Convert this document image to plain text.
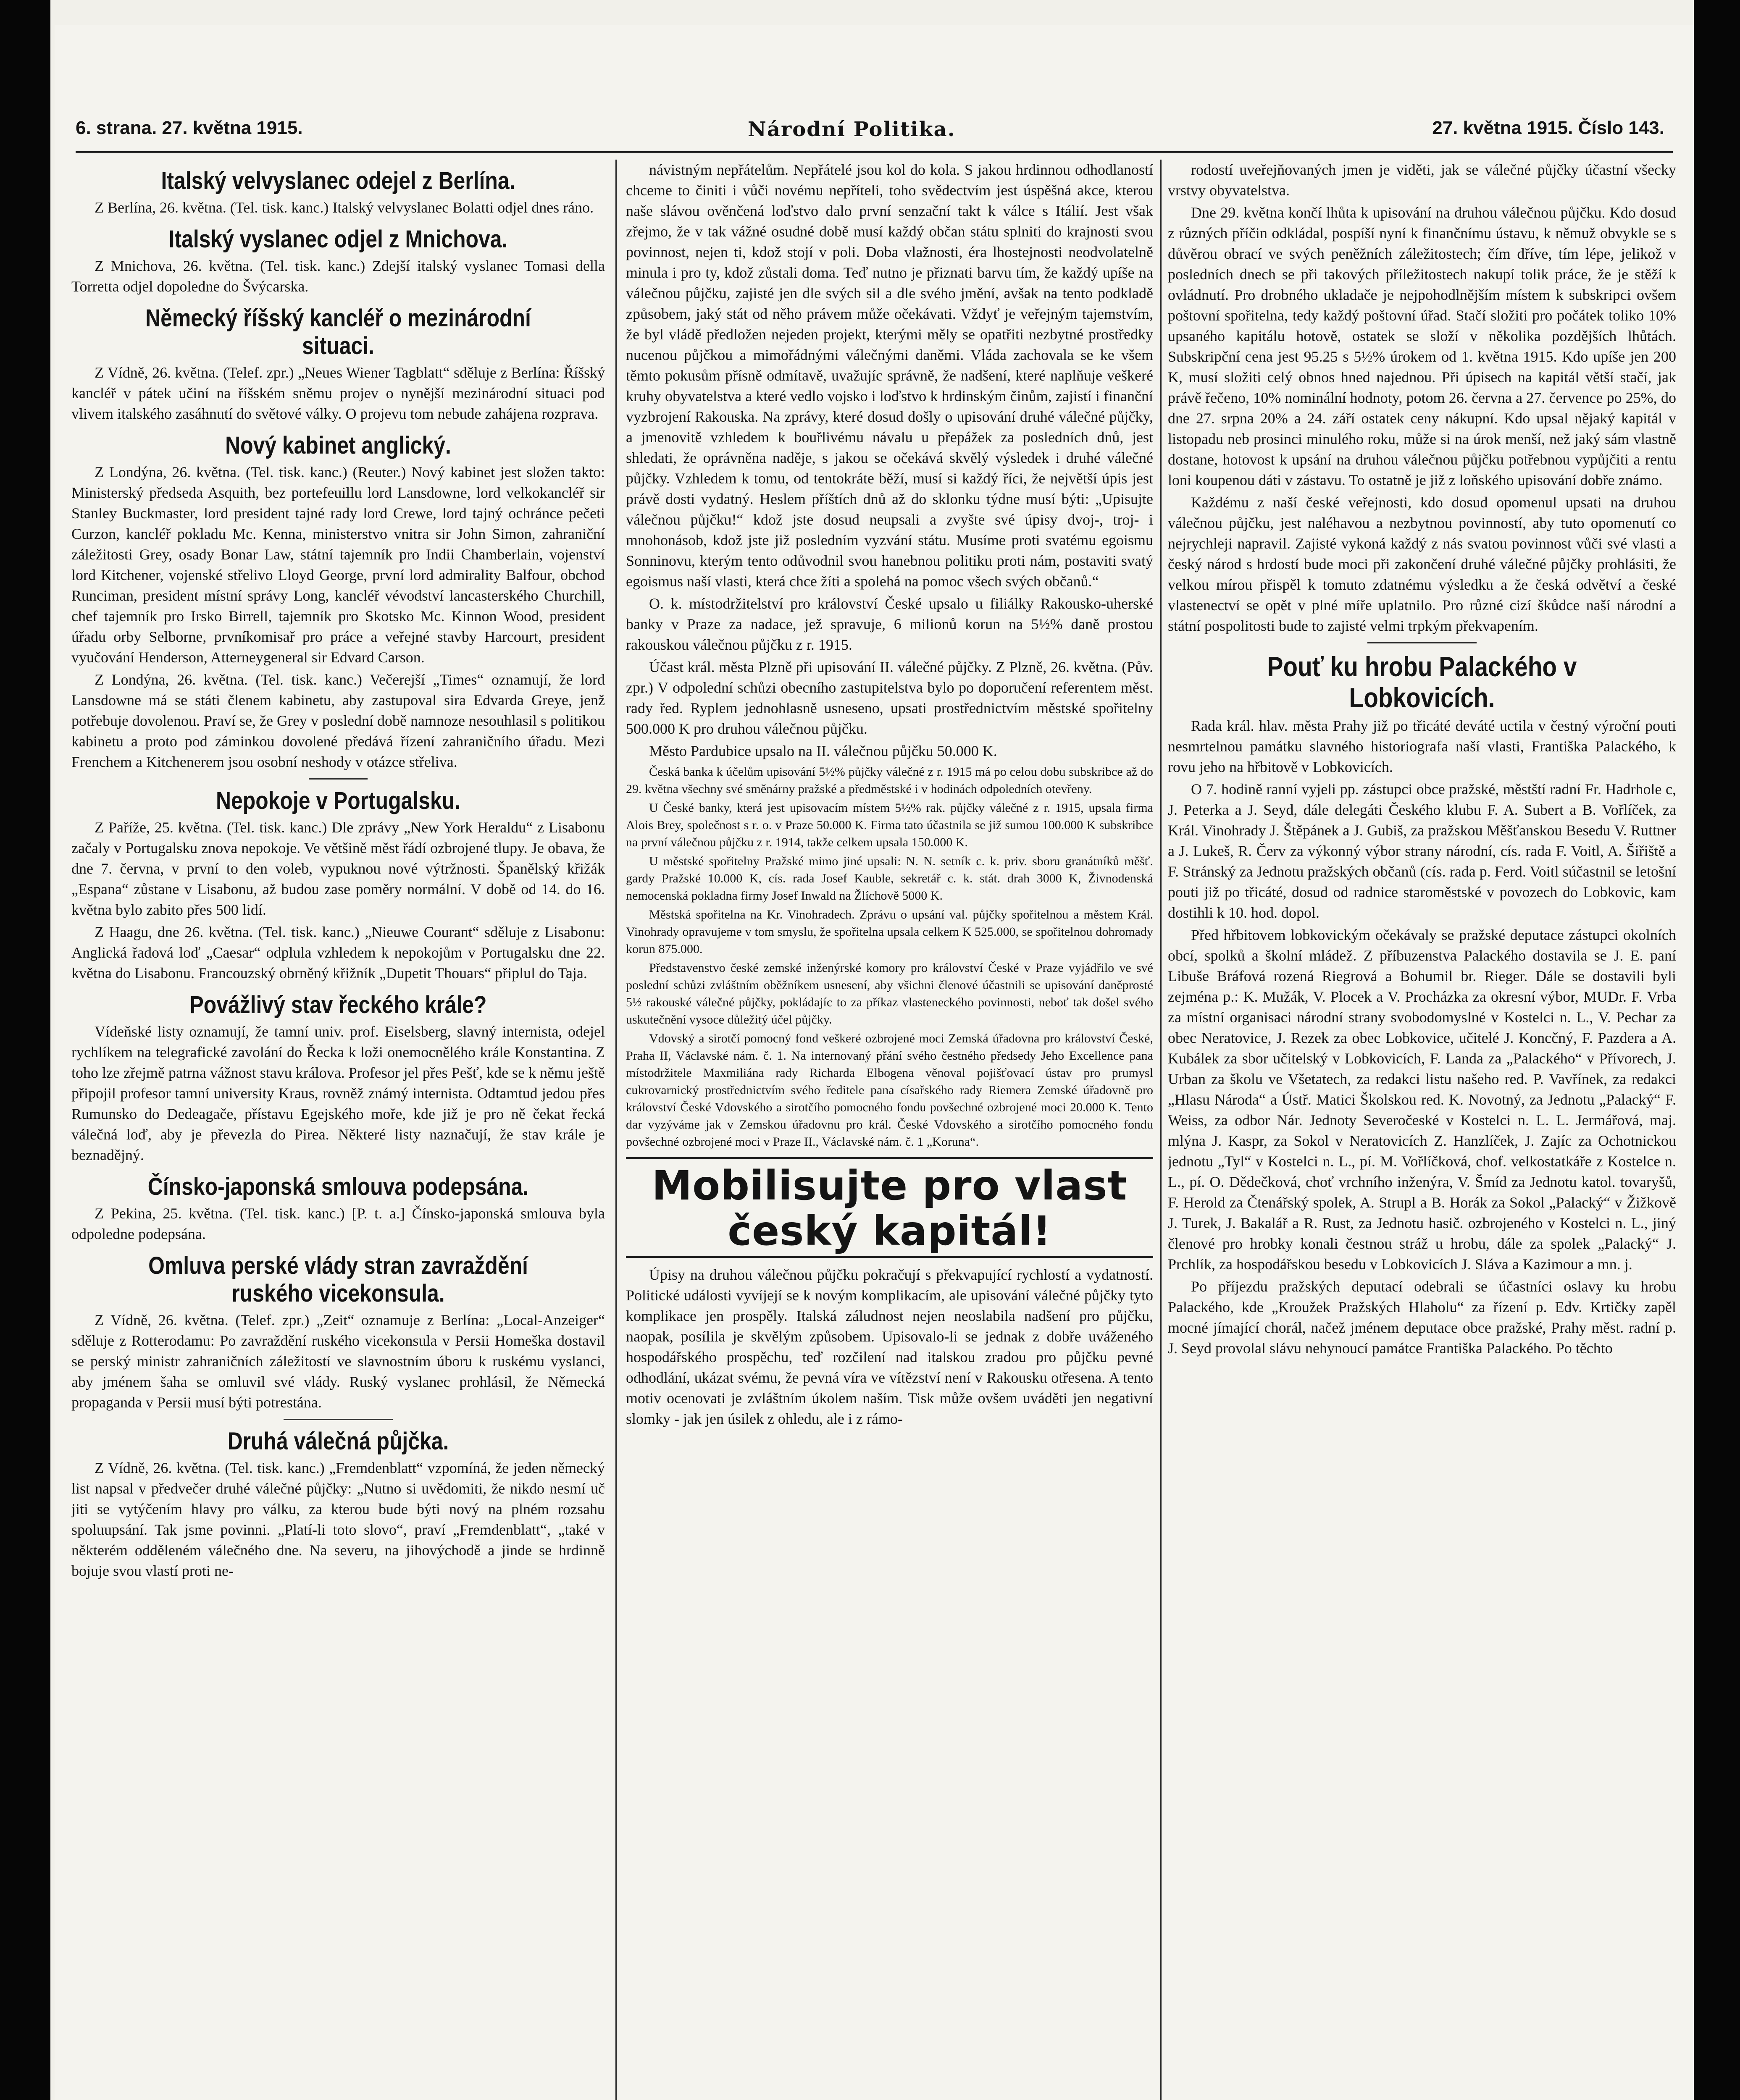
6. strana. 27. května 1915.	Národní Politika.	27. května 1915. Číslo 143.
Italský velvyslanec odejel z Berlína.

Z Berlína, 26. května. (Tel. tisk. kanc.) Italský velvyslanec Bolatti odjel dnes ráno.

Italský vyslanec odjel z Mnichova.

Z Mnichova, 26. května. (Tel. tisk. kanc.) Zdejší italský vyslanec Tomasi della Torretta odjel dopoledne do Švýcarska.

Německý říšský kancléř o mezinárodní situaci.

Z Vídně, 26. května. (Telef. zpr.) „Neues Wiener Tagblatt“ sděluje z Berlína: Říšský kancléř v pátek učiní na říšském sněmu projev o nynější mezinárodní situaci pod vlivem italského zasáhnutí do světové války. O projevu tom nebude zahájena rozprava.

Nový kabinet anglický.

Z Londýna, 26. května. (Tel. tisk. kanc.) (Reuter.) Nový kabinet jest složen takto: Ministerský předseda Asquith, bez portefeuillu lord Lansdowne, lord velkokancléř sir Stanley Buckmaster, lord president tajné rady lord Crewe, lord tajný ochránce pečeti Curzon, kancléř pokladu Mc. Kenna, ministerstvo vnitra sir John Simon, zahraniční záležitosti Grey, osady Bonar Law, státní tajemník pro Indii Chamberlain, vojenství lord Kitchener, vojenské střelivo Lloyd George, první lord admirality Balfour, obchod Runciman, president místní správy Long, kancléř vévodství lancasterského Churchill, chef tajemník pro Irsko Birrell, tajemník pro Skotsko Mc. Kinnon Wood, president úřadu orby Selborne, prvníkomisař pro práce a veřejné stavby Harcourt, president vyučování Henderson, Atterneygeneral sir Edvard Carson.

Z Londýna, 26. května. (Tel. tisk. kanc.) Večerejší „Times“ oznamují, že lord Lansdowne má se státi členem kabinetu, aby zastupoval sira Edvarda Greye, jenž potřebuje dovolenou. Praví se, že Grey v poslední době namnoze nesouhlasil s politikou kabinetu a proto pod záminkou dovolené předává řízení zahraničního úřadu. Mezi Frenchem a Kitchenerem jsou osobní neshody v otázce střeliva.

Nepokoje v Portugalsku.

Z Paříže, 25. května. (Tel. tisk. kanc.) Dle zprávy „New York Heraldu“ z Lisabonu začaly v Portugalsku znova nepokoje. Ve většině měst řádí ozbrojené tlupy. Je obava, že dne 7. června, v první to den voleb, vypuknou nové výtržnosti. Španělský křižák „Espana“ zůstane v Lisabonu, až budou zase poměry normální. V době od 14. do 16. května bylo zabito přes 500 lidí.

Z Haagu, dne 26. května. (Tel. tisk. kanc.) „Nieuwe Courant“ sděluje z Lisabonu: Anglická řadová loď „Caesar“ odplula vzhledem k nepokojům v Portugalsku dne 22. května do Lisabonu. Francouzský obrněný křižník „Dupetit Thouars“ připlul do Taja.

Povážlivý stav řeckého krále?

Vídeňské listy oznamují, že tamní univ. prof. Eiselsberg, slavný internista, odejel rychlíkem na telegrafické zavolání do Řecka k loži onemocnělého krále Konstantina. Z toho lze zřejmě patrna vážnost stavu králova. Profesor jel přes Pešť, kde se k němu ještě připojil profesor tamní university Kraus, rovněž známý internista. Odtamtud jedou přes Rumunsko do Dedeagače, přístavu Egejského moře, kde již je pro ně čekat řecká válečná loď, aby je převezla do Pirea. Některé listy naznačují, že stav krále je beznadějný.

Čínsko-japonská smlouva podepsána.

Z Pekina, 25. května. (Tel. tisk. kanc.) [P. t. a.] Čínsko-japonská smlouva byla odpoledne podepsána.

Omluva perské vlády stran zavraždění ruského vicekonsula.

Z Vídně, 26. května. (Telef. zpr.) „Zeit“ oznamuje z Berlína: „Local-Anzeiger“ sděluje z Rotterodamu: Po zavraždění ruského vicekonsula v Persii Homeška dostavil se perský ministr zahraničních záležitostí ve slavnostním úboru k ruskému vyslanci, aby jménem šaha se omluvil své vlády. Ruský vyslanec prohlásil, že Německá propaganda v Persii musí býti potrestána.

Druhá válečná půjčka.

Z Vídně, 26. května. (Tel. tisk. kanc.) „Fremdenblatt“ vzpomíná, že jeden německý list napsal v předvečer druhé válečné půjčky: „Nutno si uvědomiti, že nikdo nesmí uč jiti se vytýčením hlavy pro válku, za kterou bude býti nový na plném rozsahu spoluupsání. Tak jsme povinni. „Platí-li toto slovo“, praví „Fremdenblatt“, „také v některém odděleném válečného dne. Na severu, na jihovýchodě a jinde se hrdinně bojuje svou vlastí proti ne-

návistným nepřátelům. Nepřátelé jsou kol do kola. S jakou hrdinnou odhodlaností chceme to činiti i vůči novému nepříteli, toho svědectvím jest úspěšná akce, kterou naše slávou ověnčená loďstvo dalo první senzační takt k válce s Itálií. Jest však zřejmo, že v tak vážné osudné době musí každý občan státu splniti do krajnosti svou povinnost, nejen ti, kdož stojí v poli. Doba vlažnosti, éra lhostejnosti neodvolatelně minula i pro ty, kdož zůstali doma. Teď nutno je přiznati barvu tím, že každý upíše na válečnou půjčku, zajisté jen dle svých sil a dle svého jmění, avšak na tento podkladě způsobem, jaký stát od něho právem může očekávati. Vždyť je veřejným tajemstvím, že byl vládě předložen nejeden projekt, kterými měly se opatřiti nezbytné prostředky nucenou půjčkou a mimořádnými válečnými daněmi. Vláda zachovala se ke všem těmto pokusům přísně odmítavě, uvažujíc správně, že nadšení, které naplňuje veškeré kruhy obyvatelstva a které vedlo vojsko i loďstvo k hrdinským činům, zajistí i finanční vyzbrojení Rakouska. Na zprávy, které dosud došly o upisování druhé válečné půjčky, a jmenovitě vzhledem k bouřlivému návalu u přepážek za posledních dnů, jest shledati, že oprávněna naděje, s jakou se očekává skvělý výsledek i druhé válečné půjčky. Vzhledem k tomu, od tentokráte běží, musí si každý říci, že největší úpis jest právě dosti vydatný. Heslem příštích dnů až do sklonku týdne musí býti: „Upisujte válečnou půjčku!“ kdož jste dosud neupsali a zvyšte své úpisy dvoj-, troj- i mnohonásob, kdož jste již posledním vyzvání státu. Musíme proti svatému egoismu Sonninovu, kterým tento odůvodnil svou hanebnou politiku proti nám, postaviti svatý egoismus naší vlasti, která chce žíti a spolehá na pomoc všech svých občanů.“

O. k. místodržitelství pro království České upsalo u filiálky Rakousko-uherské banky v Praze za nadace, jež spravuje, 6 milionů korun na 5½% daně prostou rakouskou válečnou půjčku z r. 1915.

Účast král. města Plzně při upisování II. válečné půjčky. Z Plzně, 26. května. (Pův. zpr.) V odpolední schůzi obecního zastupitelstva bylo po doporučení referentem měst. rady řed. Ryplem jednohlasně usneseno, upsati prostřednictvím městské spořitelny 500.000 K pro druhou válečnou půjčku.

Město Pardubice upsalo na II. válečnou půjčku 50.000 K.

Česká banka k účelům upisování 5½% půjčky válečné z r. 1915 má po celou dobu subskribce až do 29. května všechny své směnárny pražské a předměstské i v hodinách odpoledních otevřeny.

U České banky, která jest upisovacím místem 5½% rak. půjčky válečné z r. 1915, upsala firma Alois Brey, společnost s r. o. v Praze 50.000 K. Firma tato účastnila se již sumou 100.000 K subskribce na první válečnou půjčku z r. 1914, takže celkem upsala 150.000 K.

U městské spořitelny Pražské mimo jiné upsali: N. N. setník c. k. priv. sboru granátníků měšť. gardy Pražské 10.000 K, cís. rada Josef Kauble, sekretář c. k. stát. drah 3000 K, Živnodenská nemocenská pokladna firmy Josef Inwald na Žlíchově 5000 K.

Městská spořitelna na Kr. Vinohradech. Zprávu o upsání val. půjčky spořitelnou a městem Král. Vinohrady opravujeme v tom smyslu, že spořitelna upsala celkem K 525.000, se spořitelnou dohromady korun 875.000.

Představenstvo české zemské inženýrské komory pro království České v Praze vyjádřilo ve své poslední schůzi zvláštním oběžníkem usnesení, aby všichni členové účastnili se upisování daněprosté 5½ rakouské válečné půjčky, pokládajíc to za příkaz vlasteneckého povinnosti, neboť tak došel svého uskutečnění vysoce důležitý účel půjčky.

Vdovský a sirotčí pomocný fond veškeré ozbrojené moci Zemská úřadovna pro království České, Praha II, Václavské nám. č. 1. Na internovaný přání svého čestného předsedy Jeho Excellence pana místodržitele Maxmiliána rady Richarda Elbogena věnoval pojišťovací ústav pro prumysl cukrovarnický prostřednictvím svého ředitele pana císařského rady Riemera Zemské úřadovně pro království České Vdovského a sirotčího pomocného fondu povšechné ozbrojené moci 20.000 K. Tento dar vyzýváme jak v Zemskou úřadovnu pro král. České Vdovského a sirotčího pomocného fondu povšechné ozbrojené moci v Praze II., Václavské nám. č. 1 „Koruna“.

Mobilisujte pro vlast český kapitál!

Úpisy na druhou válečnou půjčku pokračují s překvapující rychlostí a vydatností. Politické události vyvíjejí se k novým komplikacím, ale upisování válečné půjčky tyto komplikace jen prospěly. Italská záludnost nejen neoslabila nadšení pro půjčku, naopak, posílila je skvělým způsobem. Upisovalo-li se jednak z dobře uváženého hospodářského prospěchu, teď rozčilení nad italskou zradou pro půjčku pevné odhodlání, ukázat svému, že pevná víra ve vítězství není v Rakousku otřesena. A tento motiv ocenovati je zvláštním úkolem naším. Tisk může ovšem uváděti jen negativní slomky - jak jen úsilek z ohledu, ale i z rámo-

rodostí uveřejňovaných jmen je viděti, jak se válečné půjčky účastní všecky vrstvy obyvatelstva.

Dne 29. května končí lhůta k upisování na druhou válečnou půjčku. Kdo dosud z různých příčin odkládal, pospíší nyní k finančnímu ústavu, k němuž obvykle se s důvěrou obrací ve svých peněžních záležitostech; čím dříve, tím lépe, jelikož v posledních dnech se při takových příležitostech nakupí tolik práce, že je stěží k ovládnutí. Pro drobného ukladače je nejpohodlnějším místem k subskripci ovšem poštovní spořitelna, tedy každý poštovní úřad. Stačí složiti pro počátek toliko 10% upsaného kapitálu hotově, ostatek se složí v několika pozdějších lhůtách. Subskripční cena jest 95.25 s 5½% úrokem od 1. května 1915. Kdo upíše jen 200 K, musí složiti celý obnos hned najednou. Při úpisech na kapitál větší stačí, jak právě řečeno, 10% nominální hodnoty, potom 26. června a 27. července po 25%, do dne 27. srpna 20% a 24. září ostatek ceny nákupní. Kdo upsal nějaký kapitál v listopadu neb prosinci minulého roku, může si na úrok menší, než jaký sám vlastně dostane, hotovost k upsání na druhou válečnou půjčku potřebnou vypůjčiti a rentu loni koupenou dáti v zástavu. To ostatně je již z loňského upisování dobře známo.

Každému z naší české veřejnosti, kdo dosud opomenul upsati na druhou válečnou půjčku, jest naléhavou a nezbytnou povinností, aby tuto opomenutí co nejrychleji napravil. Zajisté vykoná každý z nás svatou povinnost vůči své vlasti a český národ s hrdostí bude moci při zakončení druhé válečné půjčky prohlásiti, že velkou mírou přispěl k tomuto zdatnému výsledku a že česká odvětví a české vlastenectví se opět v plné míře uplatnilo. Pro různé cizí škůdce naší národní a státní pospolitosti bude to zajisté velmi trpkým překvapením.

Pouť ku hrobu Palackého v Lobkovicích.

Rada král. hlav. města Prahy již po třicáté deváté uctila v čestný výroční pouti nesmrtelnou památku slavného historiografa naší vlasti, Františka Palackého, k rovu jeho na hřbitově v Lobkovicích.

O 7. hodině ranní vyjeli pp. zástupci obce pražské, městští radní Fr. Hadrhole c, J. Peterka a J. Seyd, dále delegáti Českého klubu F. A. Subert a B. Vořlíček, za Král. Vinohrady J. Štěpánek a J. Gubiš, za pražskou Měšťanskou Besedu V. Ruttner a J. Lukeš, R. Červ za výkonný výbor strany národní, cís. rada F. Voitl, A. Šiřiště a F. Stránský za Jednotu pražských občanů (cís. rada p. Ferd. Voitl súčastnil se letošní pouti již po třicáté, dosud od radnice staroměstské v povozech do Lobkovic, kam dostihli k 10. hod. dopol.

Před hřbitovem lobkovickým očekávaly se pražské deputace zástupci okolních obcí, spolků a školní mládež. Z příbuzenstva Palackého dostavila se J. E. paní Libuše Bráfová rozená Riegrová a Bohumil br. Rieger. Dále se dostavili byli zejména p.: K. Mužák, V. Plocek a V. Procházka za okresní výbor, MUDr. F. Vrba za místní organisaci národní strany svobodomyslné v Kostelci n. L., V. Pechar za obec Neratovice, J. Rezek za obec Lobkovice, učitelé J. Koncčný, F. Pazdera a A. Kubálek za sbor učitelský v Lobkovicích, F. Landa za „Palackého“ v Přívorech, J. Urban za školu ve Všetatech, za redakci listu našeho red. P. Vavřínek, za redakci „Hlasu Národa“ a Ústř. Matici Školskou red. K. Novotný, za Jednotu „Palacký“ F. Weiss, za odbor Nár. Jednoty Severočeské v Kostelci n. L. L. Jermářová, maj. mlýna J. Kaspr, za Sokol v Neratovicích Z. Hanzlíček, J. Zajíc za Ochotnickou jednotu „Tyl“ v Kostelci n. L., pí. M. Vořlíčková, chof. velkostatkáře z Kostelce n. L., pí. O. Dědečková, choť vrchního inženýra, V. Šmíd za Jednotu katol. tovaryšů, F. Herold za Čtenářský spolek, A. Strupl a B. Horák za Sokol „Palacký“ v Žižkově J. Turek, J. Bakalář a R. Rust, za Jednotu hasič. ozbrojeného v Kostelci n. L., jiný členové pro hrobky konali čestnou stráž u hrobu, dále za spolek „Palacký“ J. Prchlík, za hospodářskou besedu v Lobkovicích J. Sláva a Kazimour a mn. j.

Po příjezdu pražských deputací odebrali se účastníci oslavy ku hrobu Palackého, kde „Kroužek Pražských Hlaholu“ za řízení p. Edv. Krtičky zapěl mocné jímající chorál, načež jménem deputace obce pražské, Prahy měst. radní p. J. Seyd provolal slávu nehynoucí památce Františka Palackého. Po těchto
